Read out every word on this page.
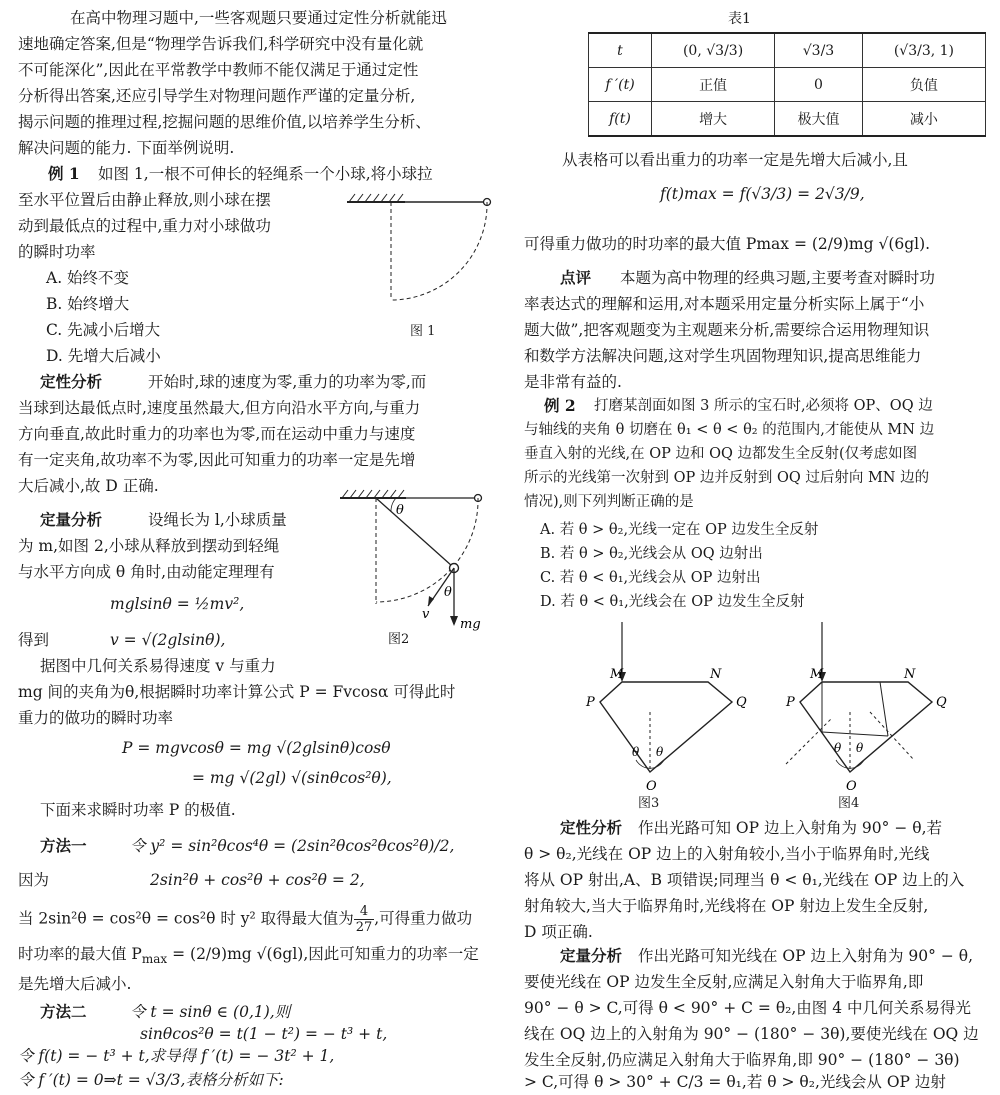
在高中物理习题中,一些客观题只要通过定性分析就能迅
速地确定答案,但是“物理学告诉我们,科学研究中没有量化就
不可能深化”,因此在平常教学中教师不能仅满足于通过定性
分析得出答案,还应引导学生对物理问题作严谨的定量分析,
揭示问题的推理过程,挖掘问题的思维价值,以培养学生分析、
解决问题的能力. 下面举例说明.
例 1 如图 1,一根不可伸长的轻绳系一个小球,将小球拉
至水平位置后由静止释放,则小球在摆
动到最低点的过程中,重力对小球做功
的瞬时功率
A. 始终不变
B. 始终增大
C. 先减小后增大
D. 先增大后减小
图 1
定性分析	开始时,球的速度为零,重力的功率为零,而
当球到达最低点时,速度虽然最大,但方向沿水平方向,与重力
方向垂直,故此时重力的功率也为零,而在运动中重力与速度
有一定夹角,故功率不为零,因此可知重力的功率一定是先增
大后减小,故 D 正确.
定量分析	设绳长为 l,小球质量
为 m,如图 2,小球从释放到摆动到轻绳
与水平方向成 θ 角时,由动能定理理有
mglsinθ = ½mv²,
得到	v = √(2glsinθ),
θ
θ
v
mg
图2
据图中几何关系易得速度 v 与重力
mg 间的夹角为θ,根据瞬时功率计算公式 P = Fvcosα 可得此时
重力的做功的瞬时功率
P = mgvcosθ = mg √(2glsinθ)cosθ
= mg √(2gl) √(sinθcos²θ),
下面来求瞬时功率 P 的极值.
方法一	令 y² = sin²θcos⁴θ = (2sin²θcos²θcos²θ)/2,
因为	2sin²θ + cos²θ + cos²θ = 2,
当 2sin²θ = cos²θ = cos²θ 时 y² 取得最大值为 $\frac{4}{27}$ ,可得重力做功
时功率的最大值 $P_{max} = (2/9)mg$ √(6gl),因此可知重力的功率一定
是先增大后减小.
方法二	令 t = sinθ ∈ (0,1),则
sinθcos²θ = t(1 − t²) = − t³ + t,
令 f(t) = − t³ + t,求导得 f ′(t) = − 3t² + 1,
令 f ′(t) = 0⇒t = √3/3,表格分析如下:
表1
t	(0, √3/3)	√3/3	(√3/3, 1)
f ′(t)	正值	0	负值
f(t)	增大	极大值	减小
从表格可以看出重力的功率一定是先增大后减小,且
f(t)max = f(√3/3) = 2√3/9,
可得重力做功的时功率的最大值 Pmax = (2/9)mg √(6gl).
点评 本题为高中物理的经典习题,主要考查对瞬时功
率表达式的理解和运用,对本题采用定量分析实际上属于“小
题大做”,把客观题变为主观题来分析,需要综合运用物理知识
和数学方法解决问题,这对学生巩固物理知识,提高思维能力
是非常有益的.
例 2 打磨某剖面如图 3 所示的宝石时,必须将 OP、OQ 边
与轴线的夹角 θ 切磨在 θ₁ < θ < θ₂ 的范围内,才能使从 MN 边
垂直入射的光线,在 OP 边和 OQ 边都发生全反射(仅考虑如图
所示的光线第一次射到 OP 边并反射到 OQ 过后射向 MN 边的
情况),则下列判断正确的是
A. 若 θ > θ₂,光线一定在 OP 边发生全反射
B. 若 θ > θ₂,光线会从 OQ 边射出
C. 若 θ < θ₁,光线会从 OP 边射出
D. 若 θ < θ₁,光线会在 OP 边发生全反射
θ θ
M	N
P	Q
O
θ θ
M	N
P	Q
O
图3	图4
定性分析 作出光路可知 OP 边上入射角为 90° − θ,若
θ > θ₂,光线在 OP 边上的入射角较小,当小于临界角时,光线
将从 OP 射出,A、B 项错误;同理当 θ < θ₁,光线在 OP 边上的入
射角较大,当大于临界角时,光线将在 OP 射边上发生全反射,
D 项正确.
定量分析 作出光路可知光线在 OP 边上入射角为 90° − θ,
要使光线在 OP 边发生全反射,应满足入射角大于临界角,即
90° − θ > C,可得 θ < 90° + C = θ₂,由图 4 中几何关系易得光
线在 OQ 边上的入射角为 90° − (180° − 3θ),要使光线在 OQ 边
发生全反射,仍应满足入射角大于临界角,即 90° − (180° − 3θ)
> C,可得 θ > 30° + C/3 = θ₁,若 θ > θ₂,光线会从 OP 边射
